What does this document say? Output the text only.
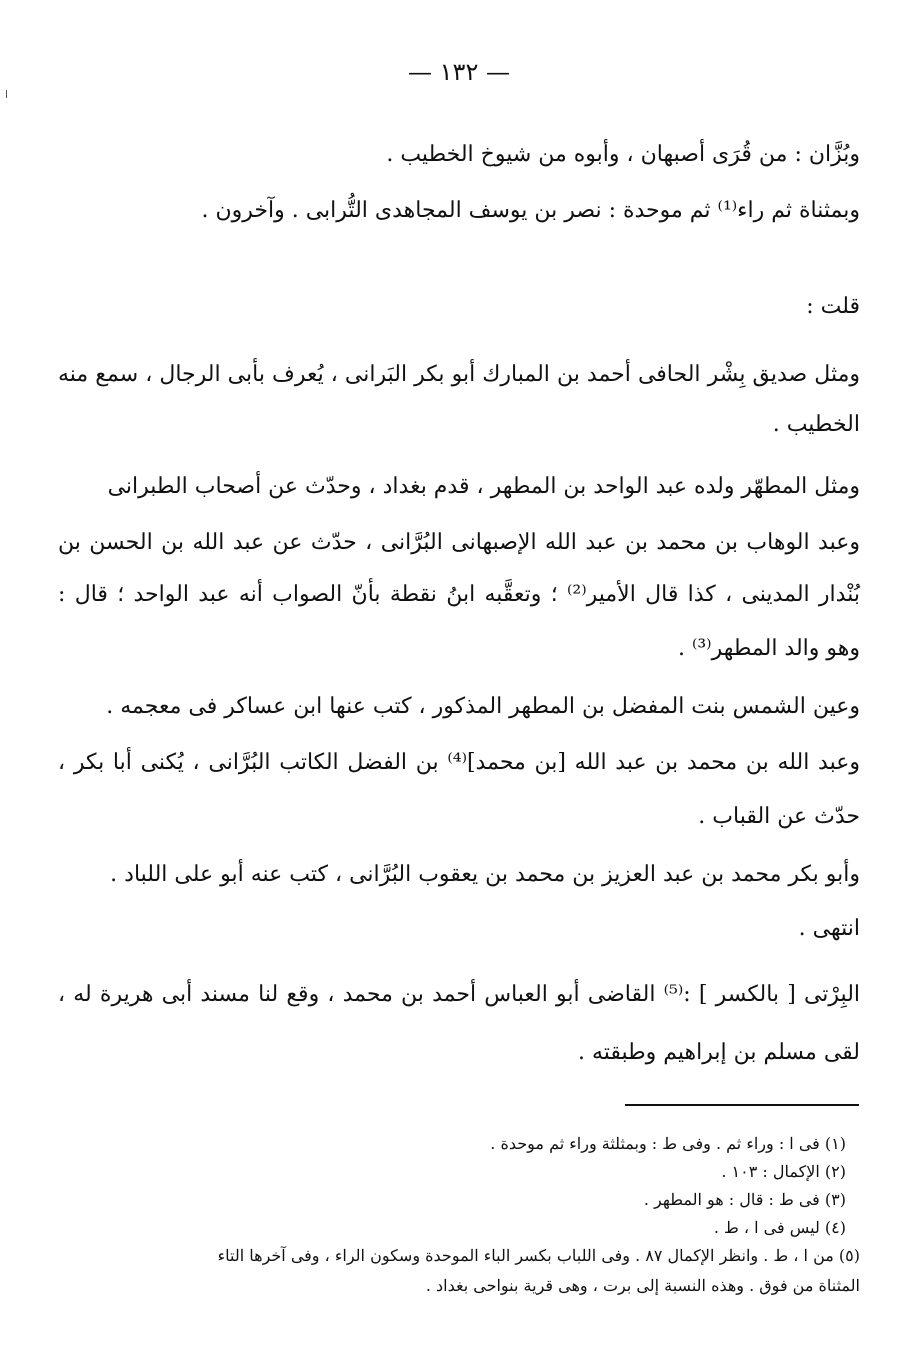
— ١٣٢ —
وبُزَّان : من قُرَى أصبهان ، وأبوه من شيوخ الخطيب .
وبمثناة ثم راء⁽¹⁾ ثم موحدة : نصر بن يوسف المجاهدى التُّرابى . وآخرون .
قلت :
ومثل صديق بِشْر الحافى أحمد بن المبارك أبو بكر البَرانى ، يُعرف بأبى الرجال ، سمع منه
الخطيب .
ومثل المطهّر ولده عبد الواحد بن المطهر ، قدم بغداد ، وحدّث عن أصحاب الطبرانى
وعبد الوهاب بن محمد بن عبد الله الإصبهانى البُرَّانى ، حدّث عن عبد الله بن الحسن بن
بُنْدار المدينى ، كذا قال الأمير⁽²⁾ ؛ وتعقَّبه ابنُ نقطة بأنّ الصواب أنه عبد الواحد ؛ قال :
وهو والد المطهر⁽³⁾ .
وعين الشمس بنت المفضل بن المطهر المذكور ، كتب عنها ابن عساكر فى معجمه .
وعبد الله بن محمد بن عبد الله [بن محمد]⁽⁴⁾ بن الفضل الكاتب البُرَّانى ، يُكنى أبا بكر ،
حدّث عن القباب .
وأبو بكر محمد بن عبد العزيز بن محمد بن يعقوب البُرَّانى ، كتب عنه أبو على اللباد .
انتهى .
البِرْتى [ بالكسر ] :⁽⁵⁾ القاضى أبو العباس أحمد بن محمد ، وقع لنا مسند أبى هريرة له ،
لقى مسلم بن إبراهيم وطبقته .
(١) فى ا : وراء ثم . وفى ط : وبمثلثة وراء ثم موحدة .
(٢) الإكمال : ١٠٣ .
(٣) فى ط : قال : هو المطهر .
(٤) ليس فى ا ، ط .
(٥) من ا ، ط . وانظر الإكمال ٨٧ . وفى اللباب بكسر الباء الموحدة وسكون الراء ، وفى آخرها التاء
المثناة من فوق . وهذه النسبة إلى برت ، وهى قرية بنواحى بغداد .
